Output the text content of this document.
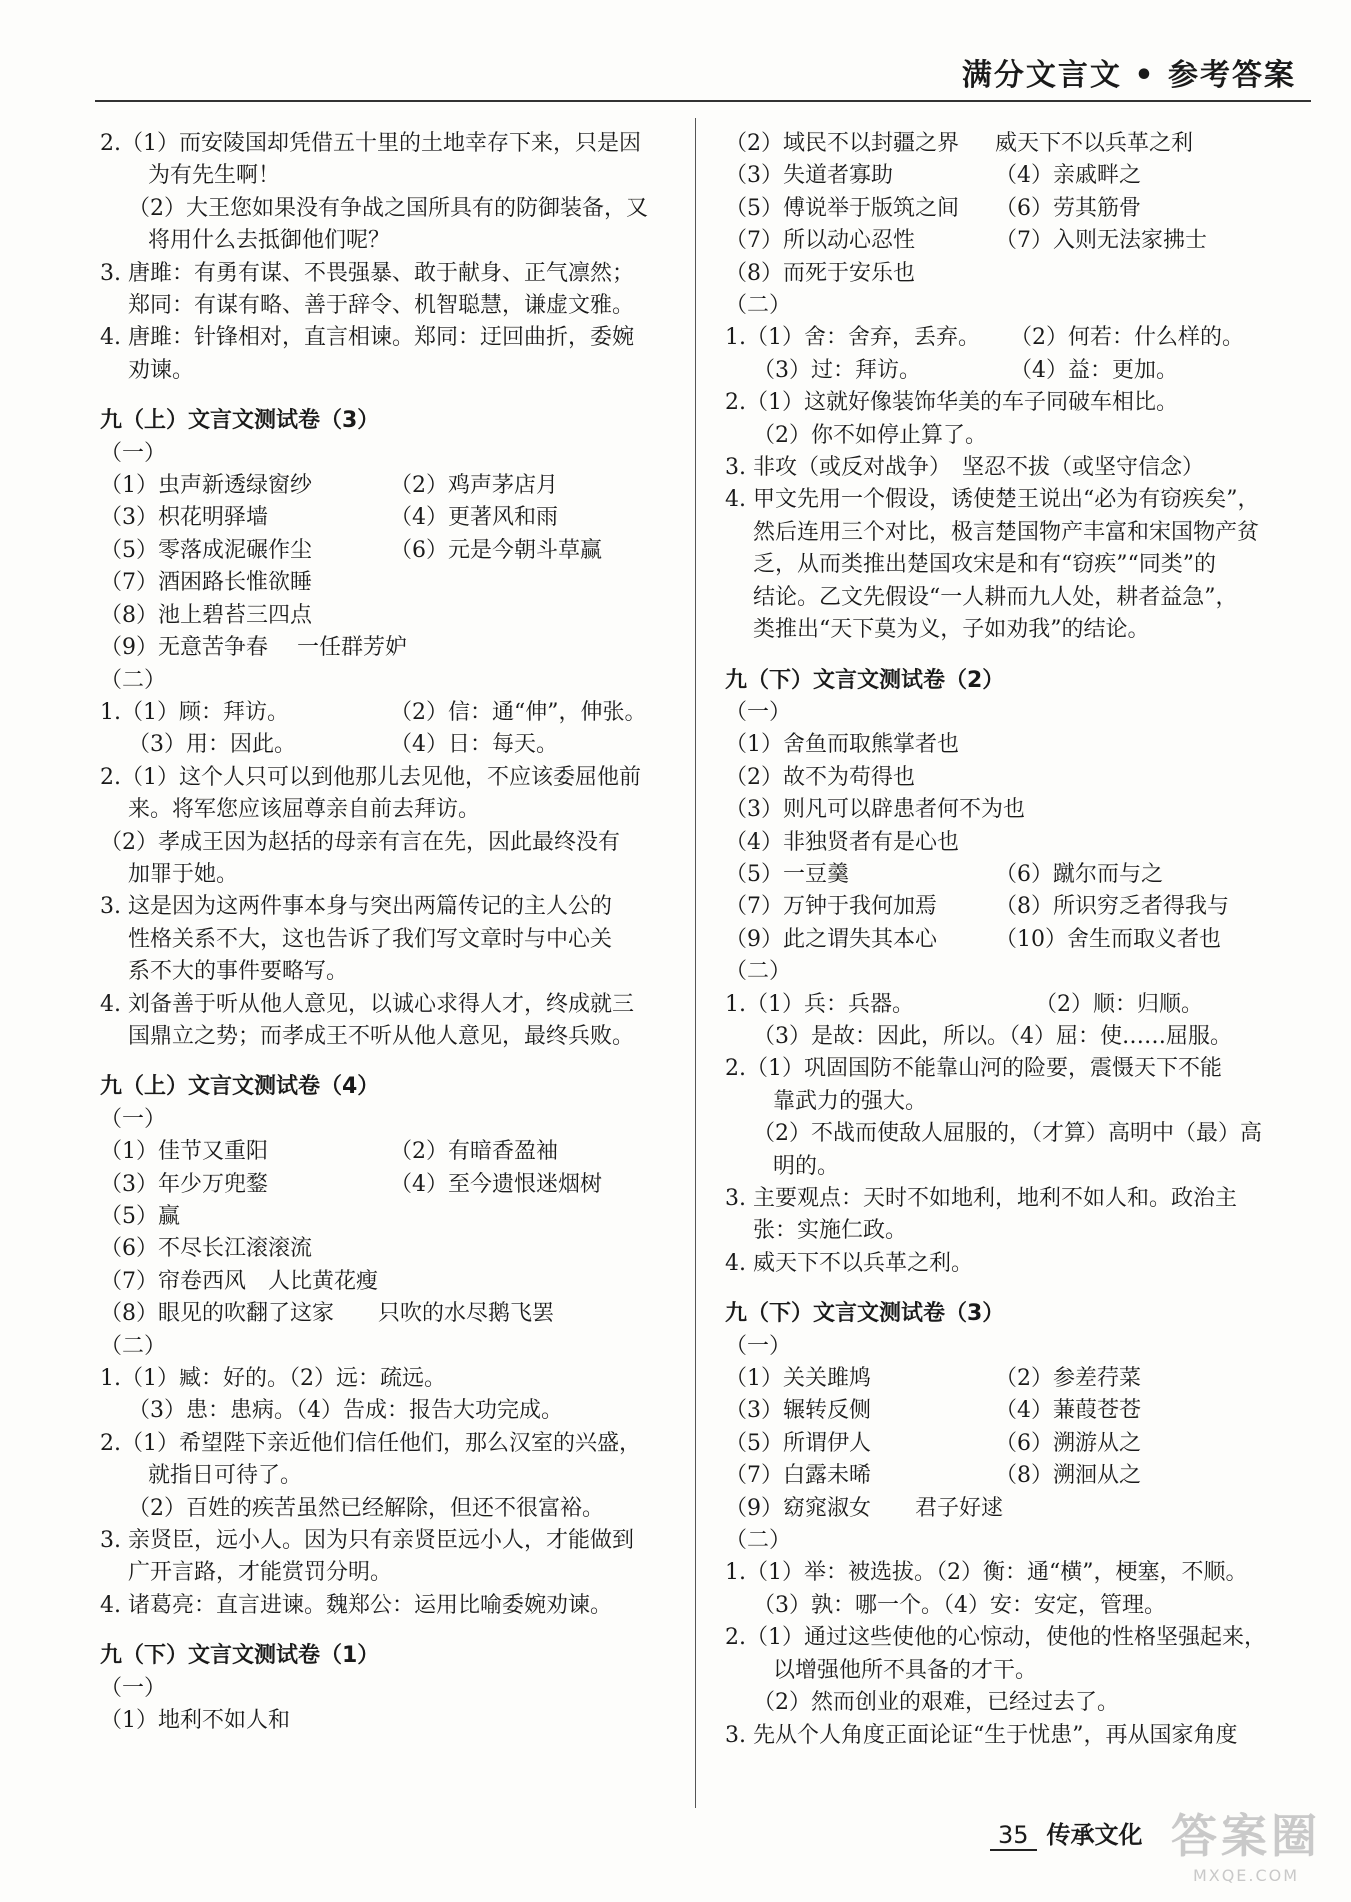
满分文言文 • 参考答案
2.（1）而安陵国却凭借五十里的土地幸存下来，只是因
为有先生啊！
（2）大王您如果没有争战之国所具有的防御装备，又
将用什么去抵御他们呢？
3. 唐雎：有勇有谋、不畏强暴、敢于献身、正气凛然；
郑同：有谋有略、善于辞令、机智聪慧，谦虚文雅。
4. 唐雎：针锋相对，直言相谏。郑同：迂回曲折，委婉
劝谏。
九（上）文言文测试卷（3）
（一）
（1）虫声新透绿窗纱	（2）鸡声茅店月
（3）枳花明驿墙	（4）更著风和雨
（5）零落成泥碾作尘	（6）元是今朝斗草赢
（7）酒困路长惟欲睡
（8）池上碧苔三四点
（9）无意苦争春　 一任群芳妒
（二）
1.（1）顾：拜访。	（2）信：通“伸”，伸张。
（3）用：因此。	（4）日：每天。
2.（1）这个人只可以到他那儿去见他，不应该委屈他前
来。将军您应该屈尊亲自前去拜访。
（2）孝成王因为赵括的母亲有言在先，因此最终没有
加罪于她。
3. 这是因为这两件事本身与突出两篇传记的主人公的
性格关系不大，这也告诉了我们写文章时与中心关
系不大的事件要略写。
4. 刘备善于听从他人意见，以诚心求得人才，终成就三
国鼎立之势；而孝成王不听从他人意见，最终兵败。
九（上）文言文测试卷（4）
（一）
（1）佳节又重阳	（2）有暗香盈袖
（3）年少万兜鍪	（4）至今遗恨迷烟树
（5）赢
（6）不尽长江滚滚流
（7）帘卷西风　人比黄花瘦
（8）眼见的吹翻了这家　　只吹的水尽鹅飞罢
（二）
1.（1）臧：好的。（2）远：疏远。
（3）患：患病。（4）告成：报告大功完成。
2.（1）希望陛下亲近他们信任他们，那么汉室的兴盛，
就指日可待了。
（2）百姓的疾苦虽然已经解除，但还不很富裕。
3. 亲贤臣，远小人。因为只有亲贤臣远小人，才能做到
广开言路，才能赏罚分明。
4. 诸葛亮：直言进谏。魏郑公：运用比喻委婉劝谏。
九（下）文言文测试卷（1）
（一）
（1）地利不如人和
（2）域民不以封疆之界	威天下不以兵革之利
（3）失道者寡助	（4）亲戚畔之
（5）傅说举于版筑之间	（6）劳其筋骨
（7）所以动心忍性	（7）入则无法家拂士
（8）而死于安乐也
（二）
1.（1）舍：舍弃，丢弃。	（2）何若：什么样的。
（3）过：拜访。	（4）益：更加。
2.（1）这就好像装饰华美的车子同破车相比。
（2）你不如停止算了。
3. 非攻（或反对战争）　坚忍不拔（或坚守信念）
4. 甲文先用一个假设，诱使楚王说出“必为有窃疾矣”，
然后连用三个对比，极言楚国物产丰富和宋国物产贫
乏，从而类推出楚国攻宋是和有“窃疾”“同类”的
结论。乙文先假设“一人耕而九人处，耕者益急”，
类推出“天下莫为义，子如劝我”的结论。
九（下）文言文测试卷（2）
（一）
（1）舍鱼而取熊掌者也
（2）故不为苟得也
（3）则凡可以辟患者何不为也
（4）非独贤者有是心也
（5）一豆羹	（6）蹴尔而与之
（7）万钟于我何加焉	（8）所识穷乏者得我与
（9）此之谓失其本心	（10）舍生而取义者也
（二）
1.（1）兵：兵器。	（2）顺：归顺。
（3）是故：因此，所以。（4）屈：使……屈服。
2.（1）巩固国防不能靠山河的险要，震慑天下不能
靠武力的强大。
（2）不战而使敌人屈服的，（才算）高明中（最）高
明的。
3. 主要观点：天时不如地利，地利不如人和。政治主
张：实施仁政。
4. 威天下不以兵革之利。
九（下）文言文测试卷（3）
（一）
（1）关关雎鸠	（2）参差荇菜
（3）辗转反侧	（4）蒹葭苍苍
（5）所谓伊人	（6）溯游从之
（7）白露未晞	（8）溯洄从之
（9）窈窕淑女　　君子好逑
（二）
1.（1）举：被选拔。（2）衡：通“横”，梗塞，不顺。
（3）孰：哪一个。（4）安：安定，管理。
2.（1）通过这些使他的心惊动，使他的性格坚强起来，
以增强他所不具备的才干。
（2）然而创业的艰难，已经过去了。
3. 先从个人角度正面论证“生于忧患”，再从国家角度
35 传承文化 答案圈
MXQE.COM
